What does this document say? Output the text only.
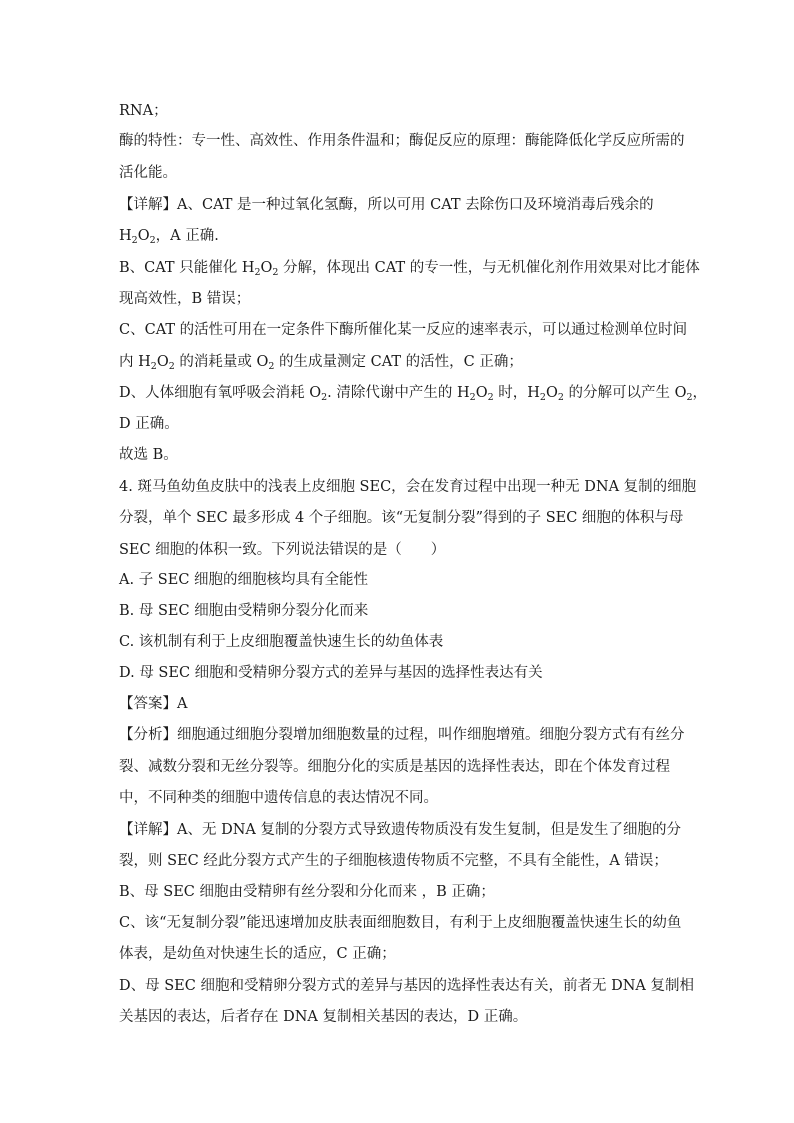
RNA；
酶的特性：专一性、高效性、作用条件温和；酶促反应的原理：酶能降低化学反应所需的
活化能。
【详解】A、CAT 是一种过氧化氢酶，所以可用 CAT 去除伤口及环境消毒后残余的
$H_2O_2$，A 正确.
B、CAT 只能催化 $H_2O_2$ 分解，体现出 CAT 的专一性，与无机催化剂作用效果对比才能体
现高效性，B 错误；
C、CAT 的活性可用在一定条件下酶所催化某一反应的速率表示，可以通过检测单位时间
内 $H_2O_2$ 的消耗量或 $O_2$ 的生成量测定 CAT 的活性，C 正确；
D、人体细胞有氧呼吸会消耗 $O_2$. 清除代谢中产生的 $H_2O_2$ 时，$H_2O_2$ 的分解可以产生 $O_2$，
D 正确。
故选 B。
4. 斑马鱼幼鱼皮肤中的浅表上皮细胞 SEC，会在发育过程中出现一种无 DNA 复制的细胞
分裂，单个 SEC 最多形成 4 个子细胞。该“无复制分裂”得到的子 SEC 细胞的体积与母
SEC 细胞的体积一致。下列说法错误的是（　　）
A. 子 SEC 细胞的细胞核均具有全能性
B. 母 SEC 细胞由受精卵分裂分化而来
C. 该机制有利于上皮细胞覆盖快速生长的幼鱼体表
D. 母 SEC 细胞和受精卵分裂方式的差异与基因的选择性表达有关
【答案】A
【分析】细胞通过细胞分裂增加细胞数量的过程，叫作细胞增殖。细胞分裂方式有有丝分
裂、减数分裂和无丝分裂等。细胞分化的实质是基因的选择性表达，即在个体发育过程
中，不同种类的细胞中遗传信息的表达情况不同。
【详解】A、无 DNA 复制的分裂方式导致遗传物质没有发生复制，但是发生了细胞的分
裂，则 SEC 经此分裂方式产生的子细胞核遗传物质不完整，不具有全能性，A 错误；
B、母 SEC 细胞由受精卵有丝分裂和分化而来 ，B 正确；
C、该“无复制分裂”能迅速增加皮肤表面细胞数目，有利于上皮细胞覆盖快速生长的幼鱼
体表，是幼鱼对快速生长的适应，C 正确；
D、母 SEC 细胞和受精卵分裂方式的差异与基因的选择性表达有关，前者无 DNA 复制相
关基因的表达，后者存在 DNA 复制相关基因的表达，D 正确。
